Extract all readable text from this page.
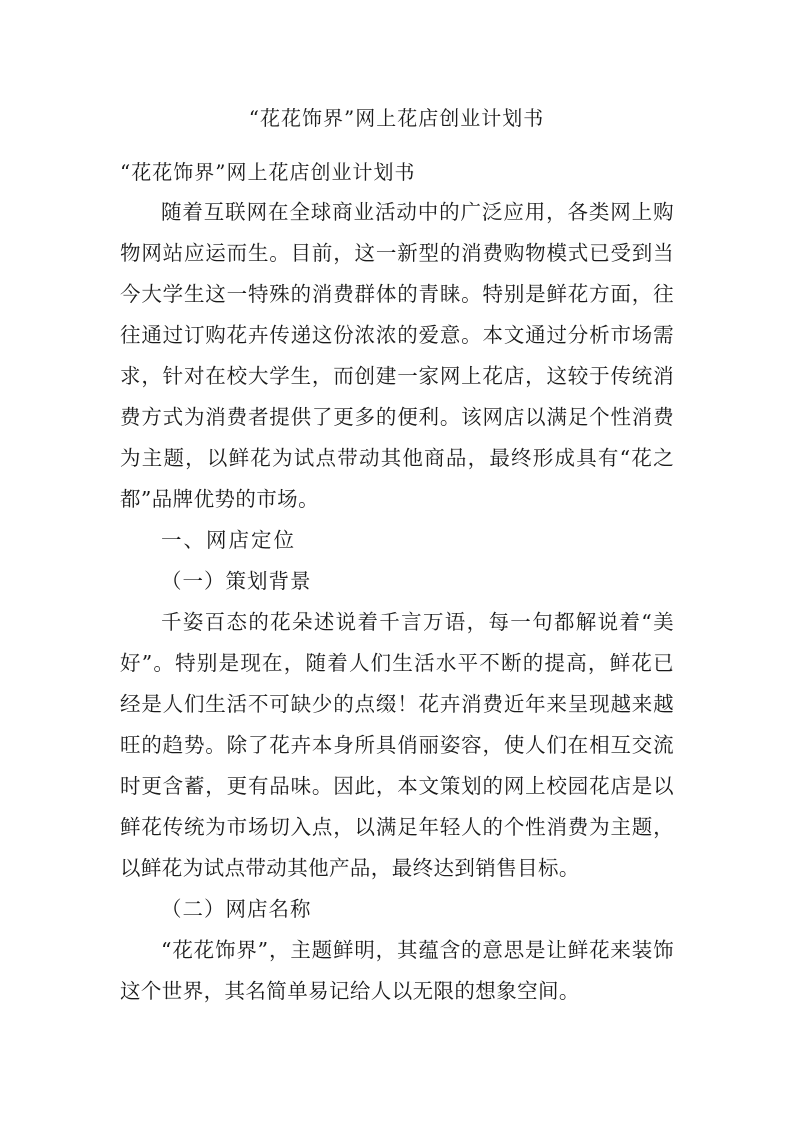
“花花饰界”网上花店创业计划书
“花花饰界”网上花店创业计划书

随着互联网在全球商业活动中的广泛应用，各类网上购物网站应运而生。目前，这一新型的消费购物模式已受到当今大学生这一特殊的消费群体的青睐。特别是鲜花方面，往往通过订购花卉传递这份浓浓的爱意。本文通过分析市场需求，针对在校大学生，而创建一家网上花店，这较于传统消费方式为消费者提供了更多的便利。该网店以满足个性消费为主题，以鲜花为试点带动其他商品，最终形成具有“花之都”品牌优势的市场。

一、网店定位

（一）策划背景

千姿百态的花朵述说着千言万语，每一句都解说着“美好”。特别是现在，随着人们生活水平不断的提高，鲜花已经是人们生活不可缺少的点缀！花卉消费近年来呈现越来越旺的趋势。除了花卉本身所具俏丽姿容，使人们在相互交流时更含蓄，更有品味。因此，本文策划的网上校园花店是以鲜花传统为市场切入点，以满足年轻人的个性消费为主题，以鲜花为试点带动其他产品，最终达到销售目标。

（二）网店名称

“花花饰界”，主题鲜明，其蕴含的意思是让鲜花来装饰这个世界，其名简单易记给人以无限的想象空间。
